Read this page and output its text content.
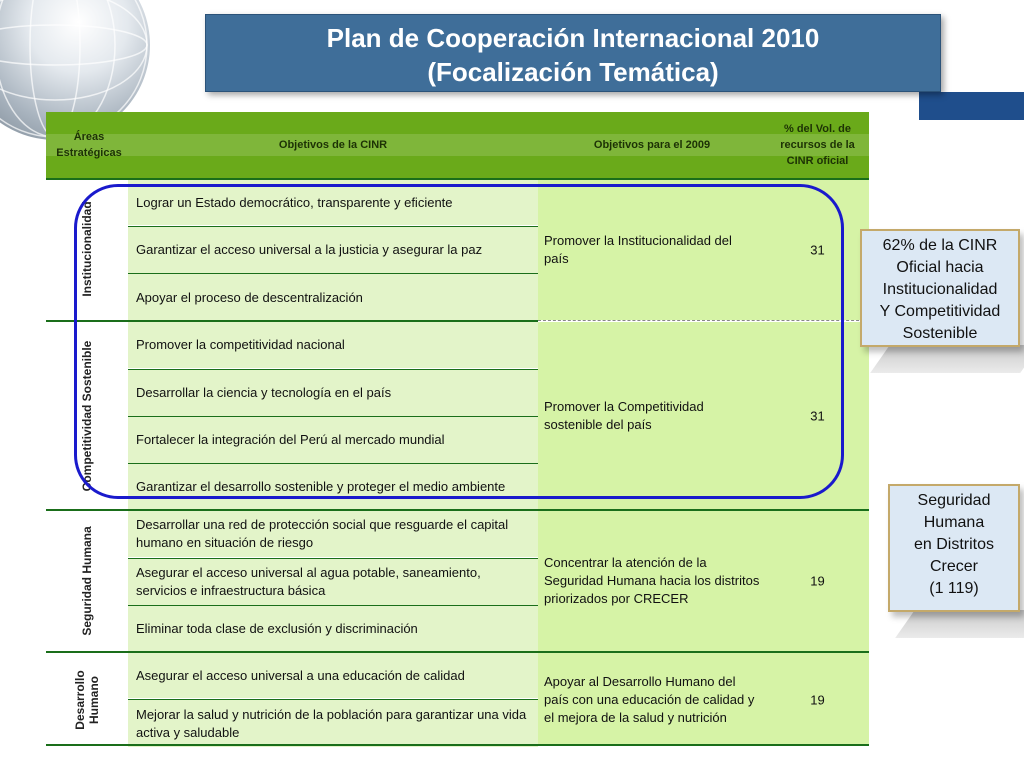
Plan de Cooperación Internacional 2010
(Focalización Temática)
Áreas Estratégicas
Objetivos de la CINR	Objetivos para el 2009
% del Vol. de recursos de la CINR oficial
Institucionalidad
Competitividad Sostenible
Seguridad Humana
Desarrollo Humano
Lograr un Estado democrático, transparente y eficiente
Garantizar el acceso universal a la justicia y asegurar la paz
Apoyar el proceso de descentralización
Promover la competitividad nacional
Desarrollar la ciencia y tecnología en el país
Fortalecer la integración del Perú al mercado mundial
Garantizar el desarrollo sostenible y proteger el medio ambiente
Desarrollar una red de protección social que resguarde el capital humano en situación de riesgo
Asegurar el acceso universal al agua potable, saneamiento, servicios e infraestructura básica
Eliminar toda clase de exclusión y discriminación
Asegurar el acceso universal a una educación de calidad
Mejorar la salud y nutrición de la población para garantizar una vida activa y saludable
Promover la Institucionalidad del país
Promover la Competitividad sostenible del país
Concentrar la atención de la Seguridad Humana hacia los distritos priorizados por CRECER
Apoyar al Desarrollo Humano del país con una educación de calidad y el mejora de la salud y nutrición
31
31
19
19

62% de la CINR

Oficial hacia

Institucionalidad

Y Competitividad

Sostenible

Seguridad

Humana

en Distritos

Crecer

(1 119)
